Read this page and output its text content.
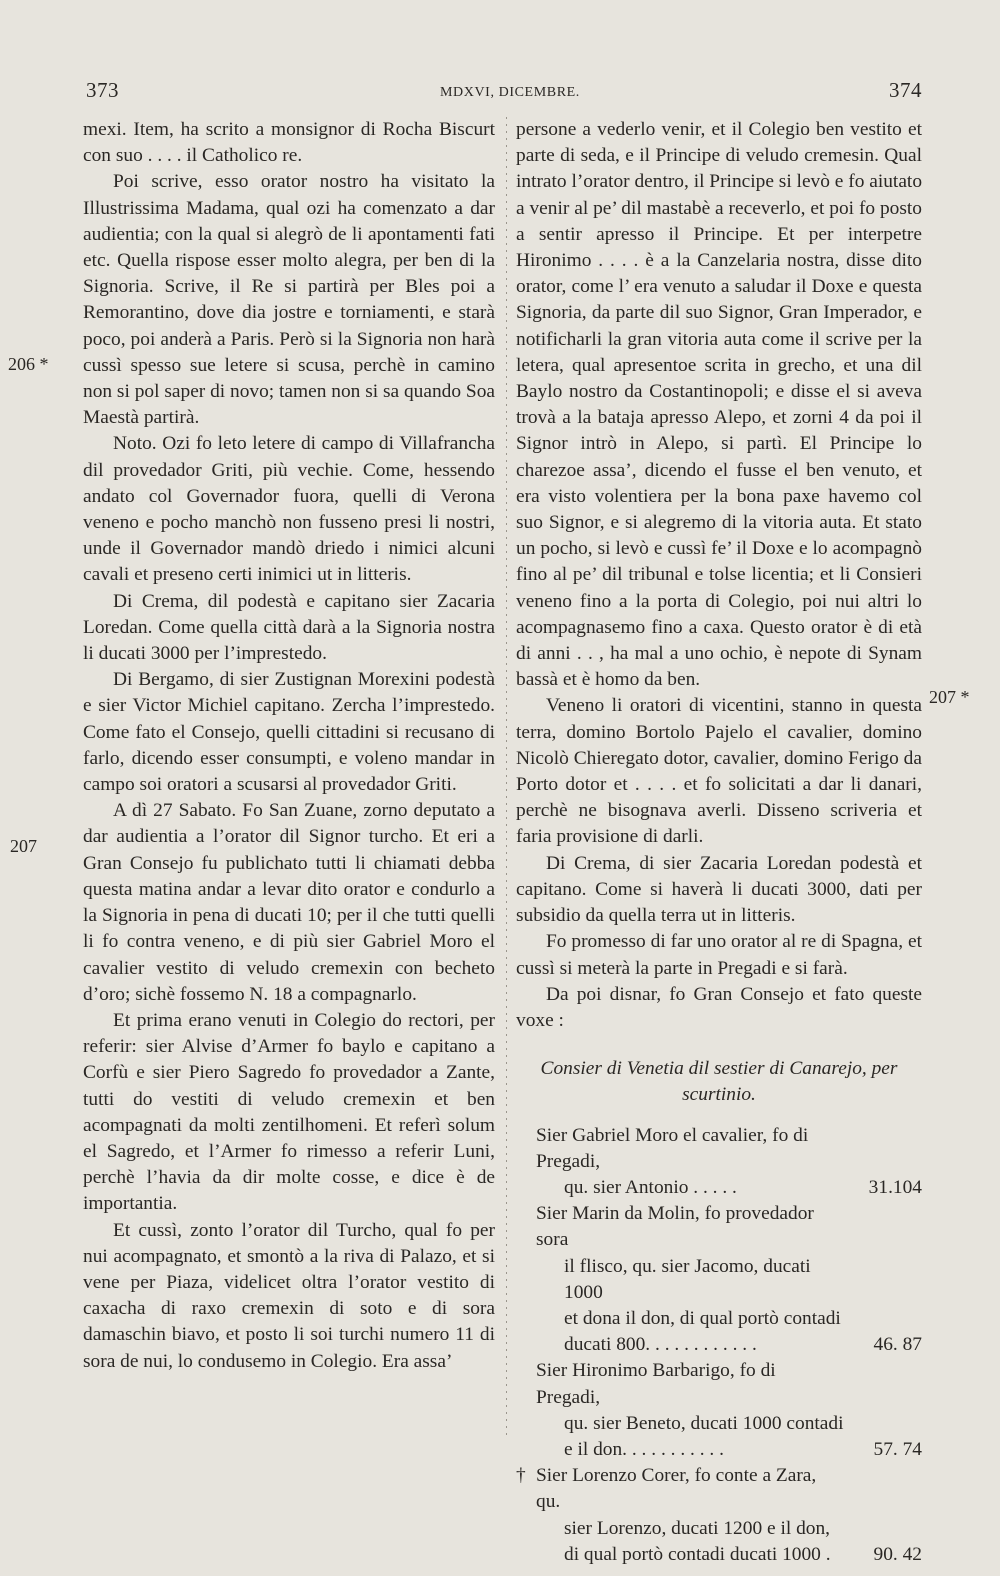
373	MDXVI, DICEMBRE.	374
206 *
207
207 *

mexi. Item, ha scrito a monsignor di Rocha Biscurt con suo . . . . il Catholico re.

Poi scrive, esso orator nostro ha visitato la Illustrissima Madama, qual ozi ha comenzato a dar audientia; con la qual si alegrò de li apontamenti fati etc. Quella rispose esser molto alegra, per ben di la Signoria. Scrive, il Re si partirà per Bles poi a Remorantino, dove dia jostre e torniamenti, e starà poco, poi anderà a Paris. Però si la Signoria non harà cussì spesso sue letere si scusa, perchè in camino non si pol saper di novo; tamen non si sa quando Soa Maestà partirà.

Noto. Ozi fo leto letere di campo di Villafrancha dil provedador Griti, più vechie. Come, hessendo andato col Governador fuora, quelli di Verona veneno e pocho manchò non fusseno presi li nostri, unde il Governador mandò driedo i nimici alcuni cavali et preseno certi inimici ut in litteris.

Di Crema, dil podestà e capitano sier Zacaria Loredan. Come quella città darà a la Signoria nostra li ducati 3000 per l’imprestedo.

Di Bergamo, di sier Zustignan Morexini podestà e sier Victor Michiel capitano. Zercha l’imprestedo. Come fato el Consejo, quelli cittadini si recusano di farlo, dicendo esser consumpti, e voleno mandar in campo soi oratori a scusarsi al provedador Griti.

A dì 27 Sabato. Fo San Zuane, zorno deputato a dar audientia a l’orator dil Signor turcho. Et eri a Gran Consejo fu publichato tutti li chiamati debba questa matina andar a levar dito orator e condurlo a la Signoria in pena di ducati 10; per il che tutti quelli li fo contra veneno, e di più sier Gabriel Moro el cavalier vestito di veludo cremexin con becheto d’oro; sichè fossemo N. 18 a compagnarlo.

Et prima erano venuti in Colegio do rectori, per referir: sier Alvise d’Armer fo baylo e capitano a Corfù e sier Piero Sagredo fo provedador a Zante, tutti do vestiti di veludo cremexin et ben acompagnati da molti zentilhomeni. Et referì solum el Sagredo, et l’Armer fo rimesso a referir Luni, perchè l’havia da dir molte cosse, e dice è de importantia.

Et cussì, zonto l’orator dil Turcho, qual fo per nui acompagnato, et smontò a la riva di Palazo, et si vene per Piaza, videlicet oltra l’orator vestito di caxacha di raxo cremexin di soto e di sora damaschin biavo, et posto li soi turchi numero 11 di sora de nui, lo condusemo in Colegio. Era assa’

persone a vederlo venir, et il Colegio ben vestito et parte di seda, e il Principe di veludo cremesin. Qual intrato l’orator dentro, il Principe si levò e fo aiutato a venir al pe’ dil mastabè a receverlo, et poi fo posto a sentir apresso il Principe. Et per interpetre Hironimo . . . . è a la Canzelaria nostra, disse dito orator, come l’ era venuto a saludar il Doxe e questa Signoria, da parte dil suo Signor, Gran Imperador, e notificharli la gran vitoria auta come il scrive per la letera, qual apresentoe scrita in grecho, et una dil Baylo nostro da Costantinopoli; e disse el si aveva trovà a la bataja apresso Alepo, et zorni 4 da poi il Signor intrò in Alepo, si partì. El Principe lo charezoe assa’, dicendo el fusse el ben venuto, et era visto volentiera per la bona paxe havemo col suo Signor, e si alegremo di la vitoria auta. Et stato un pocho, si levò e cussì fe’ il Doxe e lo acompagnò fino al pe’ dil tribunal e tolse licentia; et li Consieri veneno fino a la porta di Colegio, poi nui altri lo acompagnasemo fino a caxa. Questo orator è di età di anni . . , ha mal a uno ochio, è nepote di Synam bassà et è homo da ben.

Veneno li oratori di vicentini, stanno in questa terra, domino Bortolo Pajelo el cavalier, domino Nicolò Chieregato dotor, cavalier, domino Ferigo da Porto dotor et . . . . et fo solicitati a dar li danari, perchè ne bisognava averli. Disseno scriveria et faria provisione di darli.

Di Crema, di sier Zacaria Loredan podestà et capitano. Come si haverà li ducati 3000, dati per subsidio da quella terra ut in litteris.

Fo promesso di far uno orator al re di Spagna, et cussì si meterà la parte in Pregadi e si farà.

Da poi disnar, fo Gran Consejo et fato queste voxe :

Consier di Venetia dil sestier di Canarejo, per scurtinio.

Sier Gabriel Moro el cavalier, fo di Pregadi,
qu. sier Antonio . . . . .	31.104
Sier Marin da Molin, fo provedador sora
il flisco, qu. sier Jacomo, ducati 1000
et dona il don, di qual portò contadi
ducati 800. . . . . . . . . . . .	46. 87
Sier Hironimo Barbarigo, fo di Pregadi,
qu. sier Beneto, ducati 1000 contadi
e il don. . . . . . . . . . .	57. 74
† Sier Lorenzo Corer, fo conte a Zara, qu.
sier Lorenzo, ducati 1200 e il don,
di qual portò contadi ducati 1000 .	90. 42
